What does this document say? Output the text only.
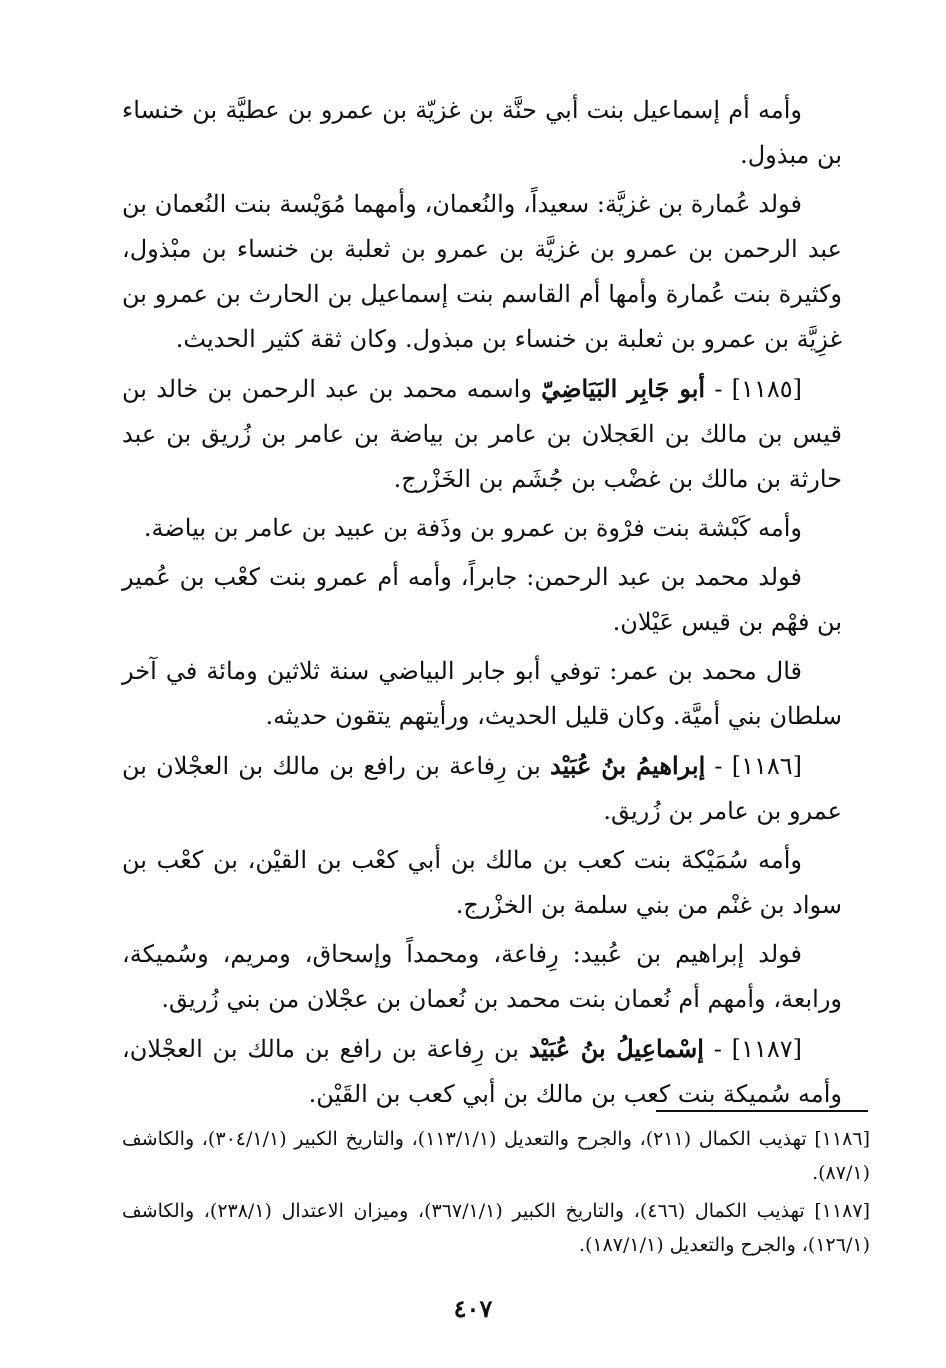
وأمه أم إسماعيل بنت أبي حنَّة بن غزيّة بن عمرو بن عطيَّة بن خنساء بن مبذول.

فولد عُمارة بن غزيَّة: سعيداً، والنُعمان، وأمهما مُوَيْسة بنت النُعمان بن عبد الرحمن بن عمرو بن غزيَّة بن عمرو بن ثعلبة بن خنساء بن مبْذول، وكثيرة بنت عُمارة وأمها أم القاسم بنت إسماعيل بن الحارث بن عمرو بن غزِيَّة بن عمرو بن ثعلبة بن خنساء بن مبذول. وكان ثقة كثير الحديث.

[١١٨٥] - أبو جَابِر البَيَاضِيّ واسمه محمد بن عبد الرحمن بن خالد بن قيس بن مالك بن العَجلان بن عامر بن بياضة بن عامر بن زُريق بن عبد حارثة بن مالك بن غضْب بن جُشَم بن الخَزْرج.

وأمه كَبْشة بنت فرْوة بن عمرو بن وذَفة بن عبيد بن عامر بن بياضة.

فولد محمد بن عبد الرحمن: جابراً، وأمه أم عمرو بنت كعْب بن عُمير بن فهْم بن قيس عَيْلان.

قال محمد بن عمر: توفي أبو جابر البياضي سنة ثلاثين ومائة في آخر سلطان بني أميَّة. وكان قليل الحديث، ورأيتهم يتقون حديثه.

[١١٨٦] - إبراهيمُ بنُ عُبَيْد بن رِفاعة بن رافع بن مالك بن العجْلان بن عمرو بن عامر بن زُريق.

وأمه سُمَيْكة بنت كعب بن مالك بن أبي كعْب بن القيْن، بن كعْب بن سواد بن غنْم من بني سلمة بن الخزْرج.

فولد إبراهيم بن عُبيد: رِفاعة، ومحمداً وإسحاق، ومريم، وسُميكة، ورابعة، وأمهم أم نُعمان بنت محمد بن نُعمان بن عجْلان من بني زُريق.

[١١٨٧] - إسْماعِيلُ بنُ عُبَيْد بن رِفاعة بن رافع بن مالك بن العجْلان، وأمه سُميكة بنت كعب بن مالك بن أبي كعب بن القَيْن.

[١١٨٦] تهذيب الكمال (٢١١)، والجرح والتعديل (١١٣/١/١)، والتاريخ الكبير (٣٠٤/١/١)، والكاشف (٨٧/١).

[١١٨٧] تهذيب الكمال (٤٦٦)، والتاريخ الكبير (٣٦٧/١/١)، وميزان الاعتدال (٢٣٨/١)، والكاشف (١٢٦/١)، والجرح والتعديل (١٨٧/١/١).

٤٠٧
